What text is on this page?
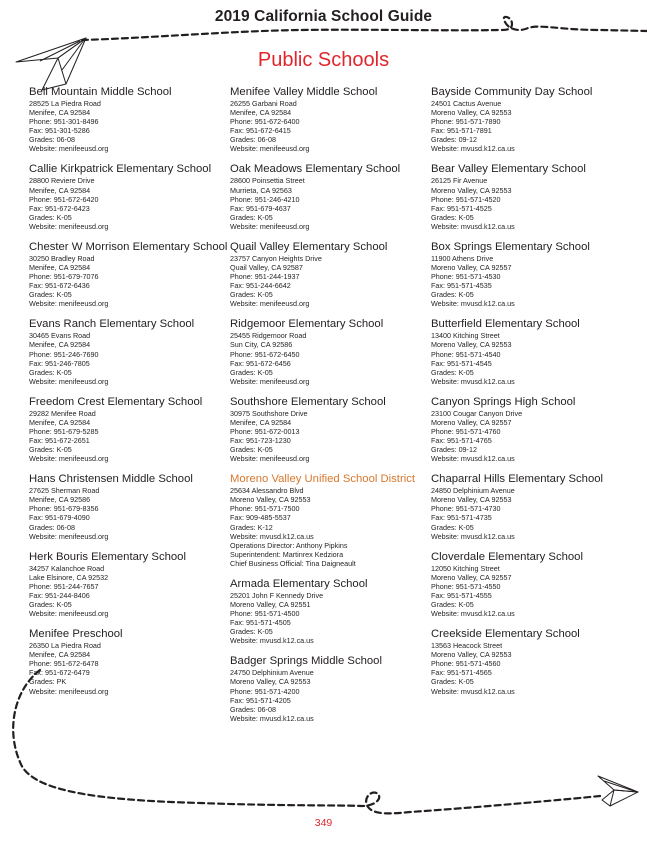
2019 California School Guide
Public Schools
Bell Mountain Middle School
28525 La Piedra Road
Menifee, CA 92584
Phone: 951-301-8496
Fax: 951-301-5286
Grades: 06-08
Website: menifeeusd.org
Callie Kirkpatrick Elementary School
28800 Reviere Drive
Menifee, CA 92584
Phone: 951-672-6420
Fax: 951-672-6423
Grades: K-05
Website: menifeeusd.org
Chester W Morrison Elementary School
30250 Bradley Road
Menifee, CA 92584
Phone: 951-679-7076
Fax: 951-672-6436
Grades: K-05
Website: menifeeusd.org
Evans Ranch Elementary School
30465 Evans Road
Menifee, CA 92584
Phone: 951-246-7690
Fax: 951-246-7805
Grades: K-05
Website: menifeeusd.org
Freedom Crest Elementary School
29282 Menifee Road
Menifee, CA 92584
Phone: 951-679-5285
Fax: 951-672-2651
Grades: K-05
Website: menifeeusd.org
Hans Christensen Middle School
27625 Sherman Road
Menifee, CA 92586
Phone: 951-679-8356
Fax: 951-679-4090
Grades: 06-08
Website: menifeeusd.org
Herk Bouris Elementary School
34257 Kalanchoe Road
Lake Elsinore, CA 92532
Phone: 951-244-7657
Fax: 951-244-8406
Grades: K-05
Website: menifeeusd.org
Menifee Preschool
26350 La Piedra Road
Menifee, CA 92584
Phone: 951-672-6478
Fax: 951-672-6479
Grades: PK
Website: menifeeusd.org
Menifee Valley Middle School
26255 Garbani Road
Menifee, CA 92584
Phone: 951-672-6400
Fax: 951-672-6415
Grades: 06-08
Website: menifeeusd.org
Oak Meadows Elementary School
28600 Poinsettia Street
Murrieta, CA 92563
Phone: 951-246-4210
Fax: 951-679-4637
Grades: K-05
Website: menifeeusd.org
Quail Valley Elementary School
23757 Canyon Heights Drive
Quail Valley, CA 92587
Phone: 951-244-1937
Fax: 951-244-6642
Grades: K-05
Website: menifeeusd.org
Ridgemoor Elementary School
25455 Ridgemoor Road
Sun City, CA 92586
Phone: 951-672-6450
Fax: 951-672-6456
Grades: K-05
Website: menifeeusd.org
Southshore Elementary School
30975 Southshore Drive
Menifee, CA 92584
Phone: 951-672-0013
Fax: 951-723-1230
Grades: K-05
Website: menifeeusd.org
Moreno Valley Unified School District
25634 Alessandro Blvd
Moreno Valley, CA 92553
Phone: 951-571-7500
Fax: 909-485-5537
Grades: K-12
Website: mvusd.k12.ca.us
Operations Director: Anthony Pipkins
Superintendent: Martinrex Kedziora
Chief Business Official: Tina Daigneault
Armada Elementary School
25201 John F Kennedy Drive
Moreno Valley, CA 92551
Phone: 951-571-4500
Fax: 951-571-4505
Grades: K-05
Website: mvusd.k12.ca.us
Badger Springs Middle School
24750 Delphinium Avenue
Moreno Valley, CA 92553
Phone: 951-571-4200
Fax: 951-571-4205
Grades: 06-08
Website: mvusd.k12.ca.us
Bayside Community Day School
24501 Cactus Avenue
Moreno Valley, CA 92553
Phone: 951-571-7890
Fax: 951-571-7891
Grades: 09-12
Website: mvusd.k12.ca.us
Bear Valley Elementary School
26125 Fir Avenue
Moreno Valley, CA 92553
Phone: 951-571-4520
Fax: 951-571-4525
Grades: K-05
Website: mvusd.k12.ca.us
Box Springs Elementary School
11900 Athens Drive
Moreno Valley, CA 92557
Phone: 951-571-4530
Fax: 951-571-4535
Grades: K-05
Website: mvusd.k12.ca.us
Butterfield Elementary School
13400 Kitching Street
Moreno Valley, CA 92553
Phone: 951-571-4540
Fax: 951-571-4545
Grades: K-05
Website: mvusd.k12.ca.us
Canyon Springs High School
23100 Cougar Canyon Drive
Moreno Valley, CA 92557
Phone: 951-571-4760
Fax: 951-571-4765
Grades: 09-12
Website: mvusd.k12.ca.us
Chaparral Hills Elementary School
24850 Delphinium Avenue
Moreno Valley, CA 92553
Phone: 951-571-4730
Fax: 951-571-4735
Grades: K-05
Website: mvusd.k12.ca.us
Cloverdale Elementary School
12050 Kitching Street
Moreno Valley, CA 92557
Phone: 951-571-4550
Fax: 951-571-4555
Grades: K-05
Website: mvusd.k12.ca.us
Creekside Elementary School
13563 Heacock Street
Moreno Valley, CA 92553
Phone: 951-571-4560
Fax: 951-571-4565
Grades: K-05
Website: mvusd.k12.ca.us
349
